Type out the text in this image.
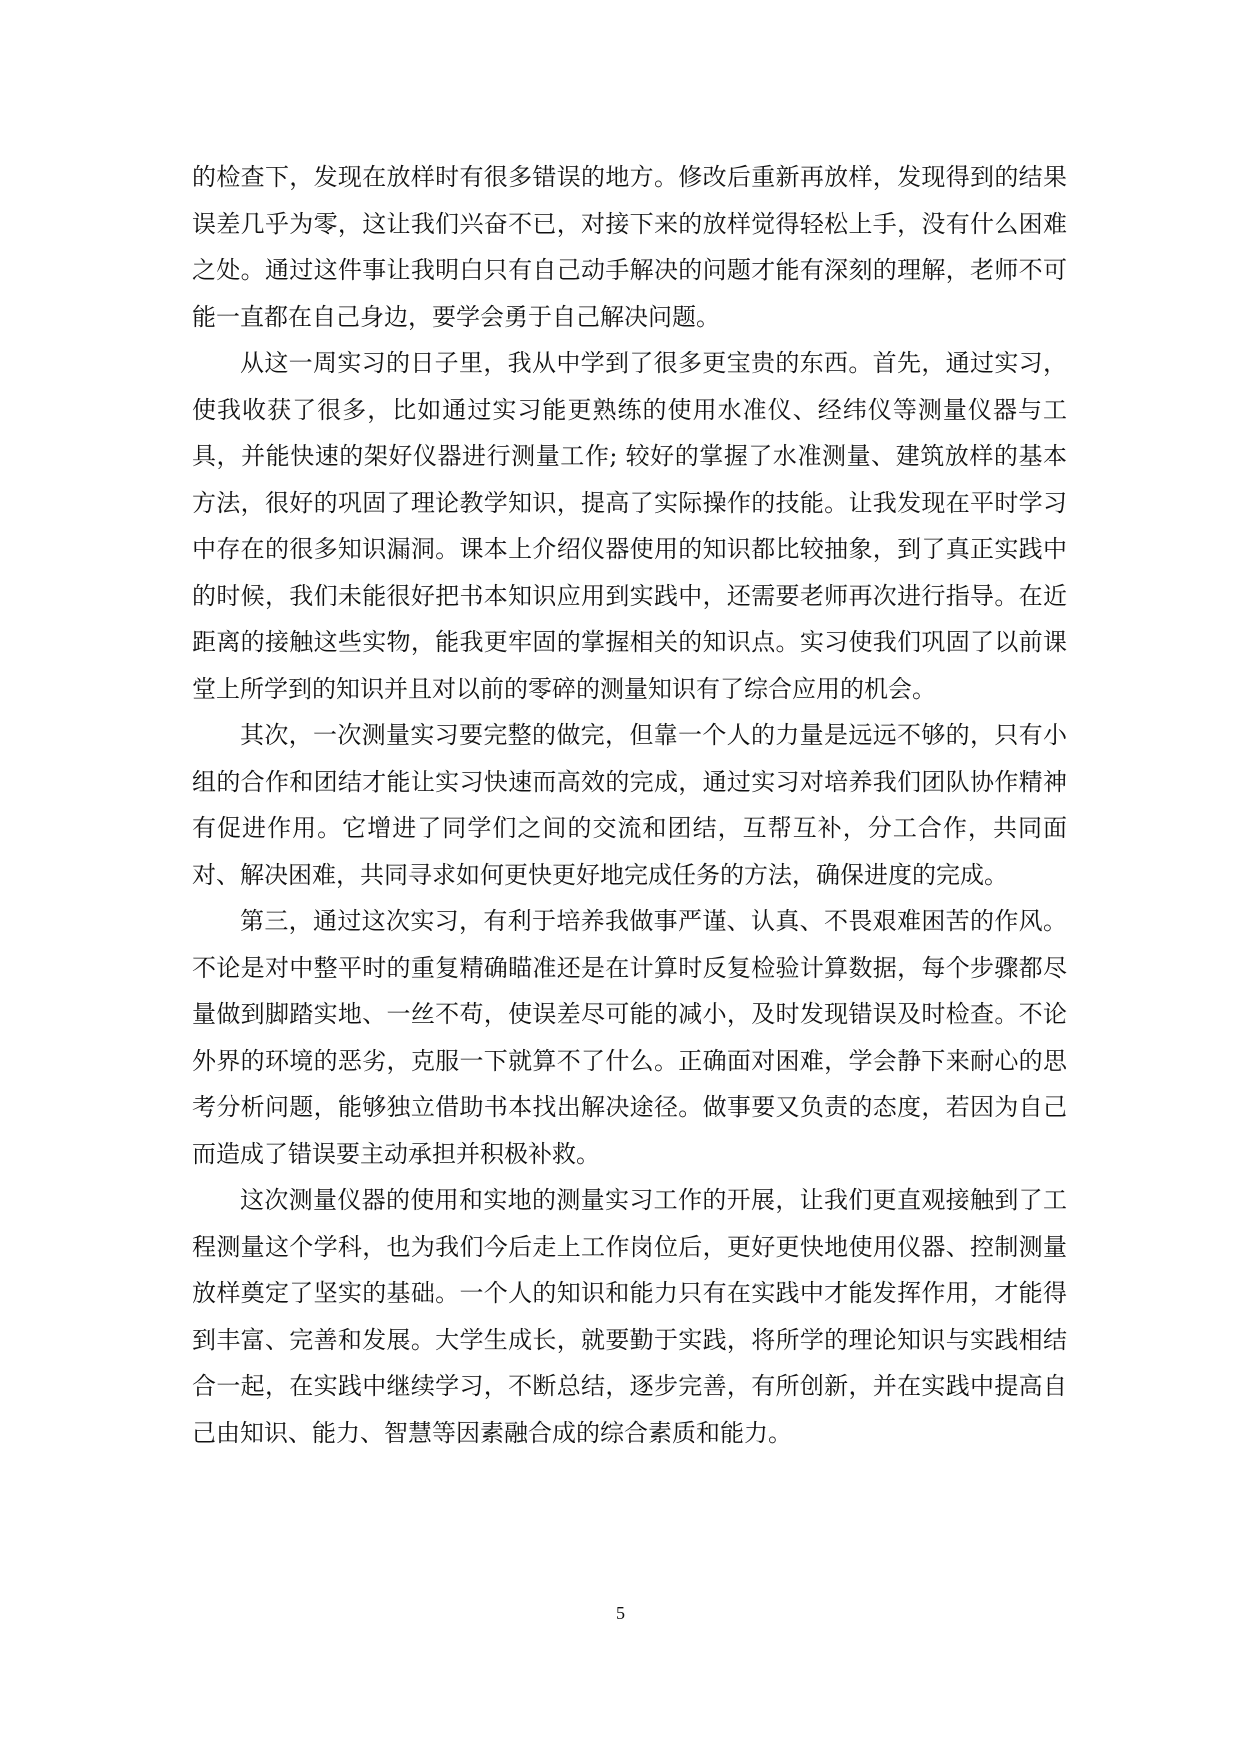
的检查下，发现在放样时有很多错误的地方。修改后重新再放样，发现得到的结果误差几乎为零，这让我们兴奋不已，对接下来的放样觉得轻松上手，没有什么困难之处。通过这件事让我明白只有自己动手解决的问题才能有深刻的理解，老师不可能一直都在自己身边，要学会勇于自己解决问题。

从这一周实习的日子里，我从中学到了很多更宝贵的东西。首先，通过实习，使我收获了很多，比如通过实习能更熟练的使用水准仪、经纬仪等测量仪器与工具，并能快速的架好仪器进行测量工作; 较好的掌握了水准测量、建筑放样的基本方法，很好的巩固了理论教学知识，提高了实际操作的技能。让我发现在平时学习中存在的很多知识漏洞。课本上介绍仪器使用的知识都比较抽象，到了真正实践中的时候，我们未能很好把书本知识应用到实践中，还需要老师再次进行指导。在近距离的接触这些实物，能我更牢固的掌握相关的知识点。实习使我们巩固了以前课堂上所学到的知识并且对以前的零碎的测量知识有了综合应用的机会。

其次，一次测量实习要完整的做完，但靠一个人的力量是远远不够的，只有小组的合作和团结才能让实习快速而高效的完成，通过实习对培养我们团队协作精神有促进作用。它增进了同学们之间的交流和团结，互帮互补，分工合作，共同面对、解决困难，共同寻求如何更快更好地完成任务的方法，确保进度的完成。

第三，通过这次实习，有利于培养我做事严谨、认真、不畏艰难困苦的作风。不论是对中整平时的重复精确瞄准还是在计算时反复检验计算数据，每个步骤都尽量做到脚踏实地、一丝不苟，使误差尽可能的减小，及时发现错误及时检查。不论外界的环境的恶劣，克服一下就算不了什么。正确面对困难，学会静下来耐心的思考分析问题，能够独立借助书本找出解决途径。做事要又负责的态度，若因为自己而造成了错误要主动承担并积极补救。

这次测量仪器的使用和实地的测量实习工作的开展，让我们更直观接触到了工程测量这个学科，也为我们今后走上工作岗位后，更好更快地使用仪器、控制测量放样奠定了坚实的基础。一个人的知识和能力只有在实践中才能发挥作用，才能得到丰富、完善和发展。大学生成长，就要勤于实践，将所学的理论知识与实践相结合一起，在实践中继续学习，不断总结，逐步完善，有所创新，并在实践中提高自己由知识、能力、智慧等因素融合成的综合素质和能力。

5
